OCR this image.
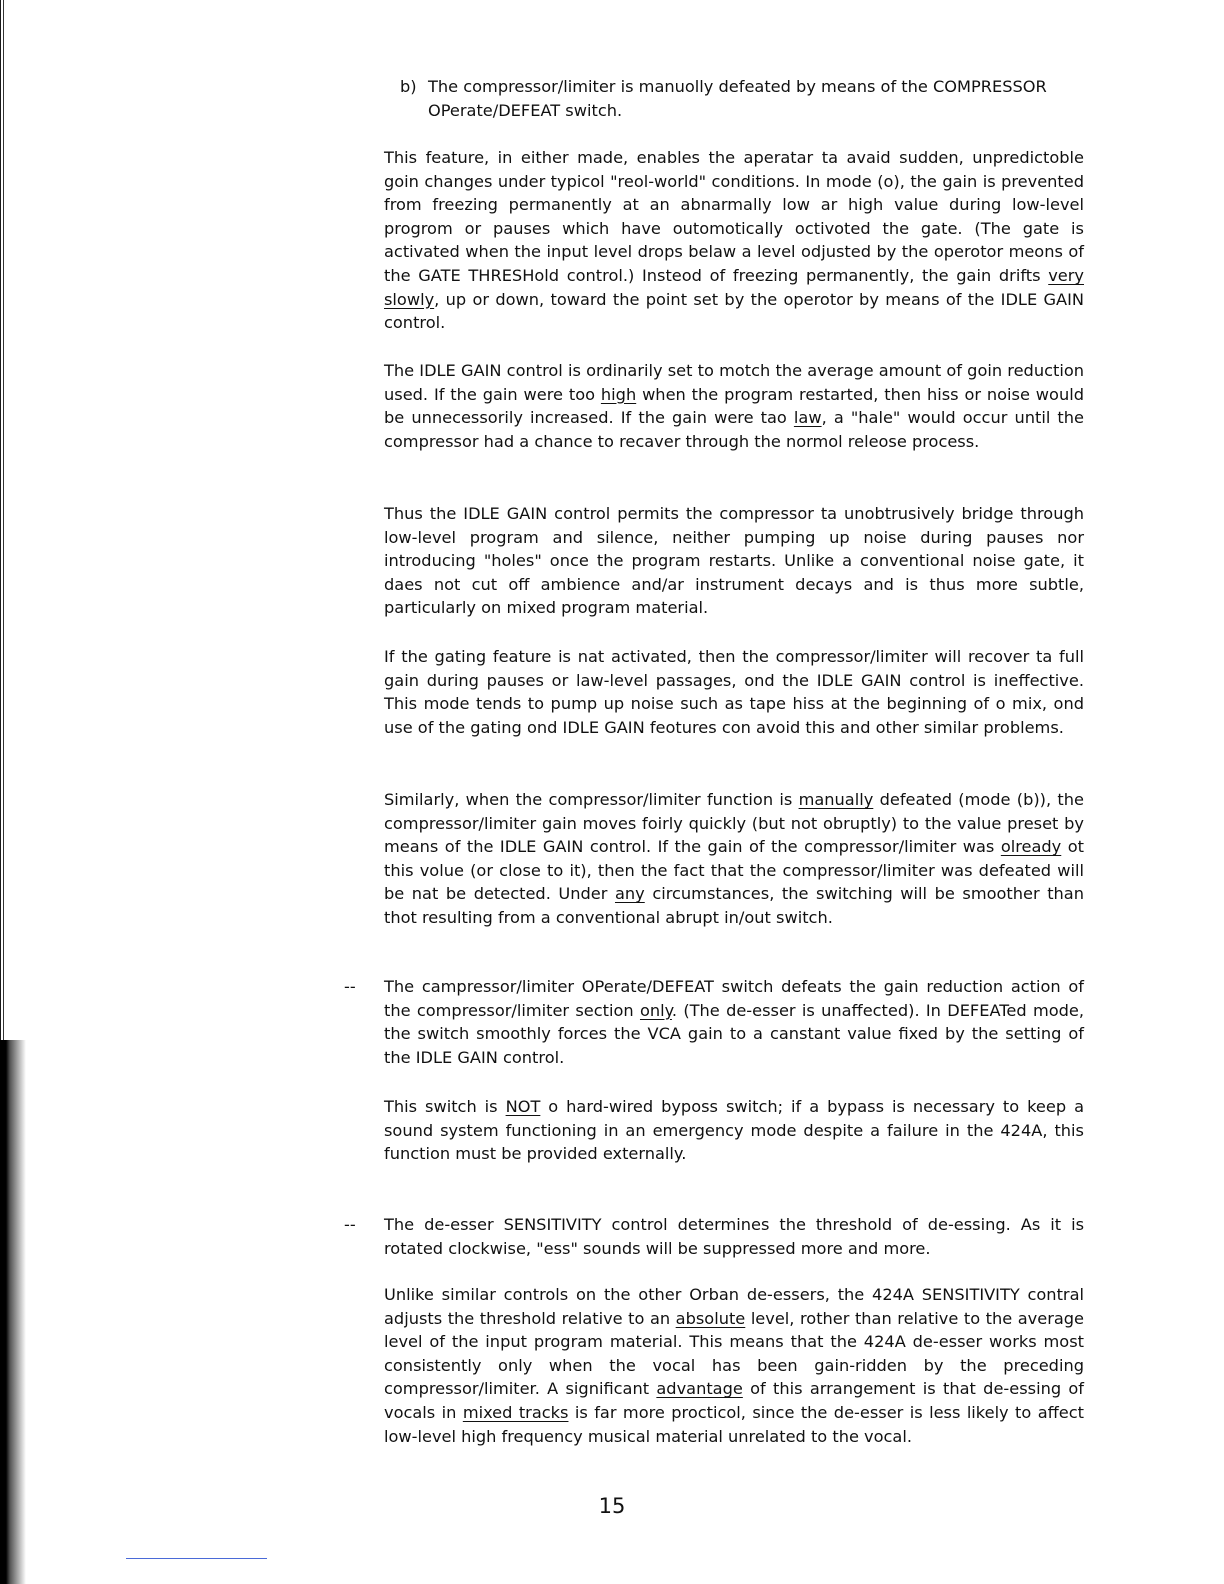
b) The compressor/limiter is manuolly defeated by means of the COMPRESSOR OPerate/DEFEAT switch.

This feature, in either made, enables the aperatar ta avaid sudden, unpredictoble goin changes under typicol "reol-world" conditions. In mode (o), the gain is prevented from freezing permanently at an abnarmally low ar high value during low-level progrom or pauses which have outomotically octivoted the gate. (The gate is activated when the input level drops belaw a level odjusted by the operotor meons of the GATE THRESHold control.) Insteod of freezing permanently, the gain drifts very slowly, up or down, toward the point set by the operotor by means of the IDLE GAIN control.

The IDLE GAIN control is ordinarily set to motch the average amount of goin reduction used. If the gain were too high when the program restarted, then hiss or noise would be unnecessorily increased. If the gain were tao law, a "hale" would occur until the compressor had a chance to recaver through the normol releose process.

Thus the IDLE GAIN control permits the compressor ta unobtrusively bridge through low-level program and silence, neither pumping up noise during pauses nor introducing "holes" once the program restarts. Unlike a conventional noise gate, it daes not cut off ambience and/ar instrument decays and is thus more subtle, particularly on mixed program material.

If the gating feature is nat activated, then the compressor/limiter will recover ta full gain during pauses or law-level passages, ond the IDLE GAIN control is ineffective. This mode tends to pump up noise such as tape hiss at the beginning of o mix, ond use of the gating ond IDLE GAIN feotures con avoid this and other similar problems.

Similarly, when the compressor/limiter function is manually defeated (mode (b)), the compressor/limiter gain moves foirly quickly (but not obruptly) to the value preset by means of the IDLE GAIN control. If the gain of the compressor/limiter was olready ot this volue (or close to it), then the fact that the compressor/limiter was defeated will be nat be detected. Under any circumstances, the switching will be smoother than thot resulting from a conventional abrupt in/out switch.

-- The campressor/limiter OPerate/DEFEAT switch defeats the gain reduction action of the compressor/limiter section only. (The de-esser is unaffected). In DEFEATed mode, the switch smoothly forces the VCA gain to a canstant value fixed by the setting of the IDLE GAIN control.

This switch is NOT o hard-wired byposs switch; if a bypass is necessary to keep a sound system functioning in an emergency mode despite a failure in the 424A, this function must be provided externally.

-- The de-esser SENSITIVITY control determines the threshold of de-essing. As it is rotated clockwise, "ess" sounds will be suppressed more and more.

Unlike similar controls on the other Orban de-essers, the 424A SENSITIVITY contral adjusts the threshold relative to an absolute level, rother than relative to the average level of the input program material. This means that the 424A de-esser works most consistently only when the vocal has been gain-ridden by the preceding compressor/limiter. A significant advantage of this arrangement is that de-essing of vocals in mixed tracks is far more procticol, since the de-esser is less likely to affect low-level high frequency musical material unrelated to the vocal.

15
